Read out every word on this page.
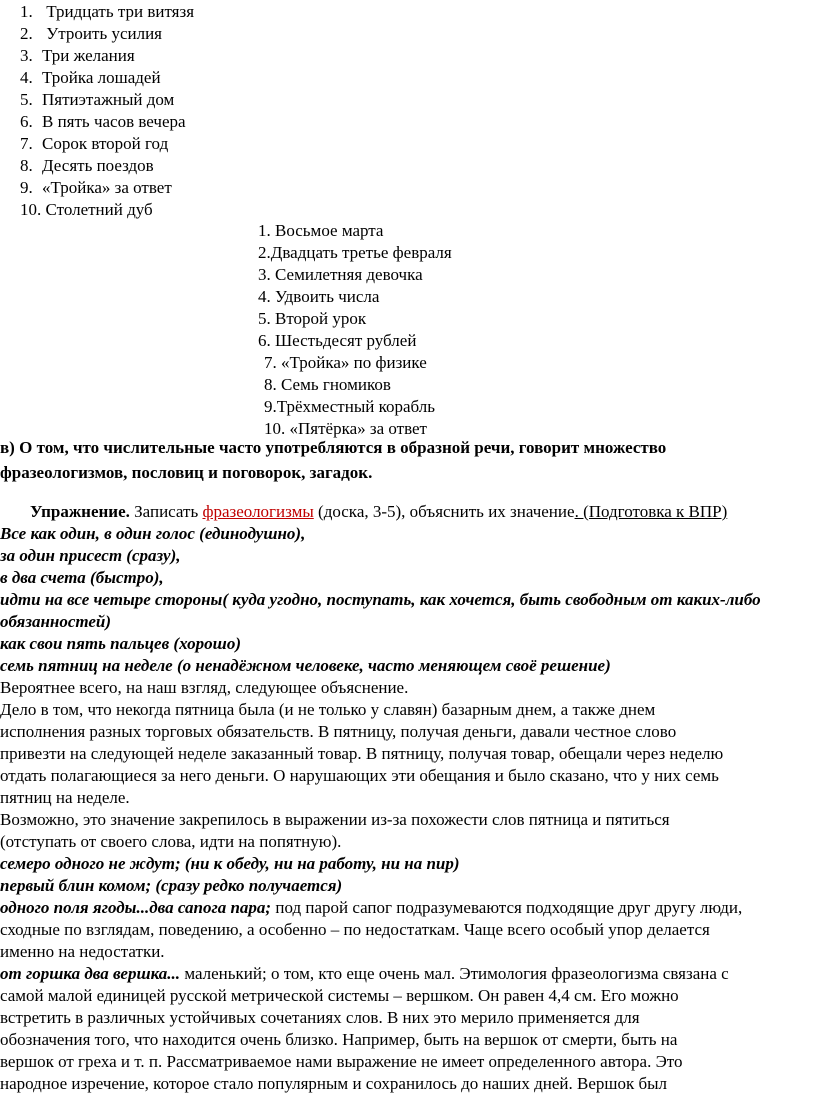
1. Тридцать три витязя
2. Утроить усилия
3. Три желания
4. Тройка лошадей
5. Пятиэтажный дом
6. В пять часов вечера
7. Сорок второй год
8. Десять поездов
9. «Тройка» за ответ
10. Столетний дуб
1. Восьмое марта
2.Двадцать третье февраля
3. Семилетняя девочка
4. Удвоить числа
5. Второй урок
6. Шестьдесят рублей
7. «Тройка» по физике
8. Семь гномиков
9.Трёхместный корабль
10. «Пятёрка» за ответ
в) О том, что числительные часто употребляются в образной речи, говорит множество
фразеологизмов, пословиц и поговорок, загадок.
Упражнение. Записать фразеологизмы (доска, 3-5), объяснить их значение. (Подготовка к ВПР)
Все как один, в один голос (единодушно),
за один присест (сразу),
в два счета (быстро),
идти на все четыре стороны( куда угодно, поступать, как хочется, быть свободным от каких-либо
обязанностей)
как свои пять пальцев (хорошо)
семь пятниц на неделе (о ненадёжном человеке, часто меняющем своё решение)
Вероятнее всего, на наш взгляд, следующее объяснение.
Дело в том, что некогда пятница была (и не только у славян) базарным днем, а также днем
исполнения разных торговых обязательств. В пятницу, получая деньги, давали честное слово
привезти на следующей неделе заказанный товар. В пятницу, получая товар, обещали через неделю
отдать полагающиеся за него деньги. О нарушающих эти обещания и было сказано, что у них семь
пятниц на неделе.
Возможно, это значение закрепилось в выражении из-за похожести слов пятница и пятиться
(отступать от своего слова, идти на попятную).
семеро одного не ждут; (ни к обеду, ни на работу, ни на пир)
первый блин комом; (сразу редко получается)
одного поля ягоды...два сапога пара; под парой сапог подразумеваются подходящие друг другу люди,
сходные по взглядам, поведению, а особенно – по недостаткам. Чаще всего особый упор делается
именно на недостатки.
от горшка два вершка... маленький; о том, кто еще очень мал. Этимология фразеологизма связана с
самой малой единицей русской метрической системы – вершком. Он равен 4,4 см. Его можно
встретить в различных устойчивых сочетаниях слов. В них это мерило применяется для
обозначения того, что находится очень близко. Например, быть на вершок от смерти, быть на
вершок от греха и т. п. Рассматриваемое нами выражение не имеет определенного автора. Это
народное изречение, которое стало популярным и сохранилось до наших дней. Вершок был
